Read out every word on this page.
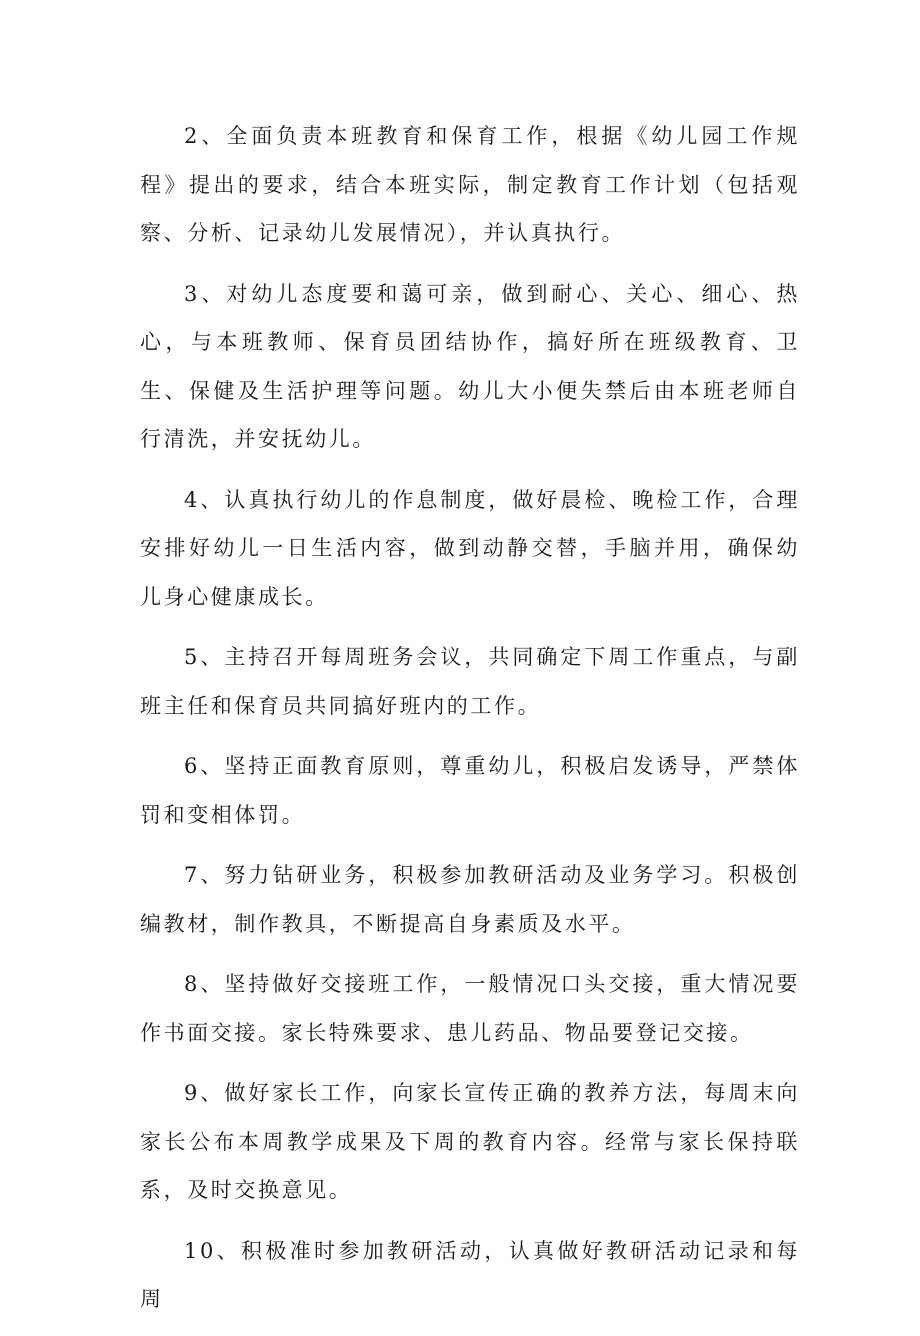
2、全面负责本班教育和保育工作，根据《幼儿园工作规程》提出的要求，结合本班实际，制定教育工作计划（包括观察、分析、记录幼儿发展情况），并认真执行。

3、对幼儿态度要和蔼可亲，做到耐心、关心、细心、热心，与本班教师、保育员团结协作，搞好所在班级教育、卫生、保健及生活护理等问题。幼儿大小便失禁后由本班老师自行清洗，并安抚幼儿。

4、认真执行幼儿的作息制度，做好晨检、晚检工作，合理安排好幼儿一日生活内容，做到动静交替，手脑并用，确保幼儿身心健康成长。

5、主持召开每周班务会议，共同确定下周工作重点，与副班主任和保育员共同搞好班内的工作。

6、坚持正面教育原则，尊重幼儿，积极启发诱导，严禁体罚和变相体罚。

7、努力钻研业务，积极参加教研活动及业务学习。积极创编教材，制作教具，不断提高自身素质及水平。

8、坚持做好交接班工作，一般情况口头交接，重大情况要作书面交接。家长特殊要求、患儿药品、物品要登记交接。

9、做好家长工作，向家长宣传正确的教养方法，每周末向家长公布本周教学成果及下周的教育内容。经常与家长保持联系，及时交换意见。

10、积极准时参加教研活动，认真做好教研活动记录和每周
